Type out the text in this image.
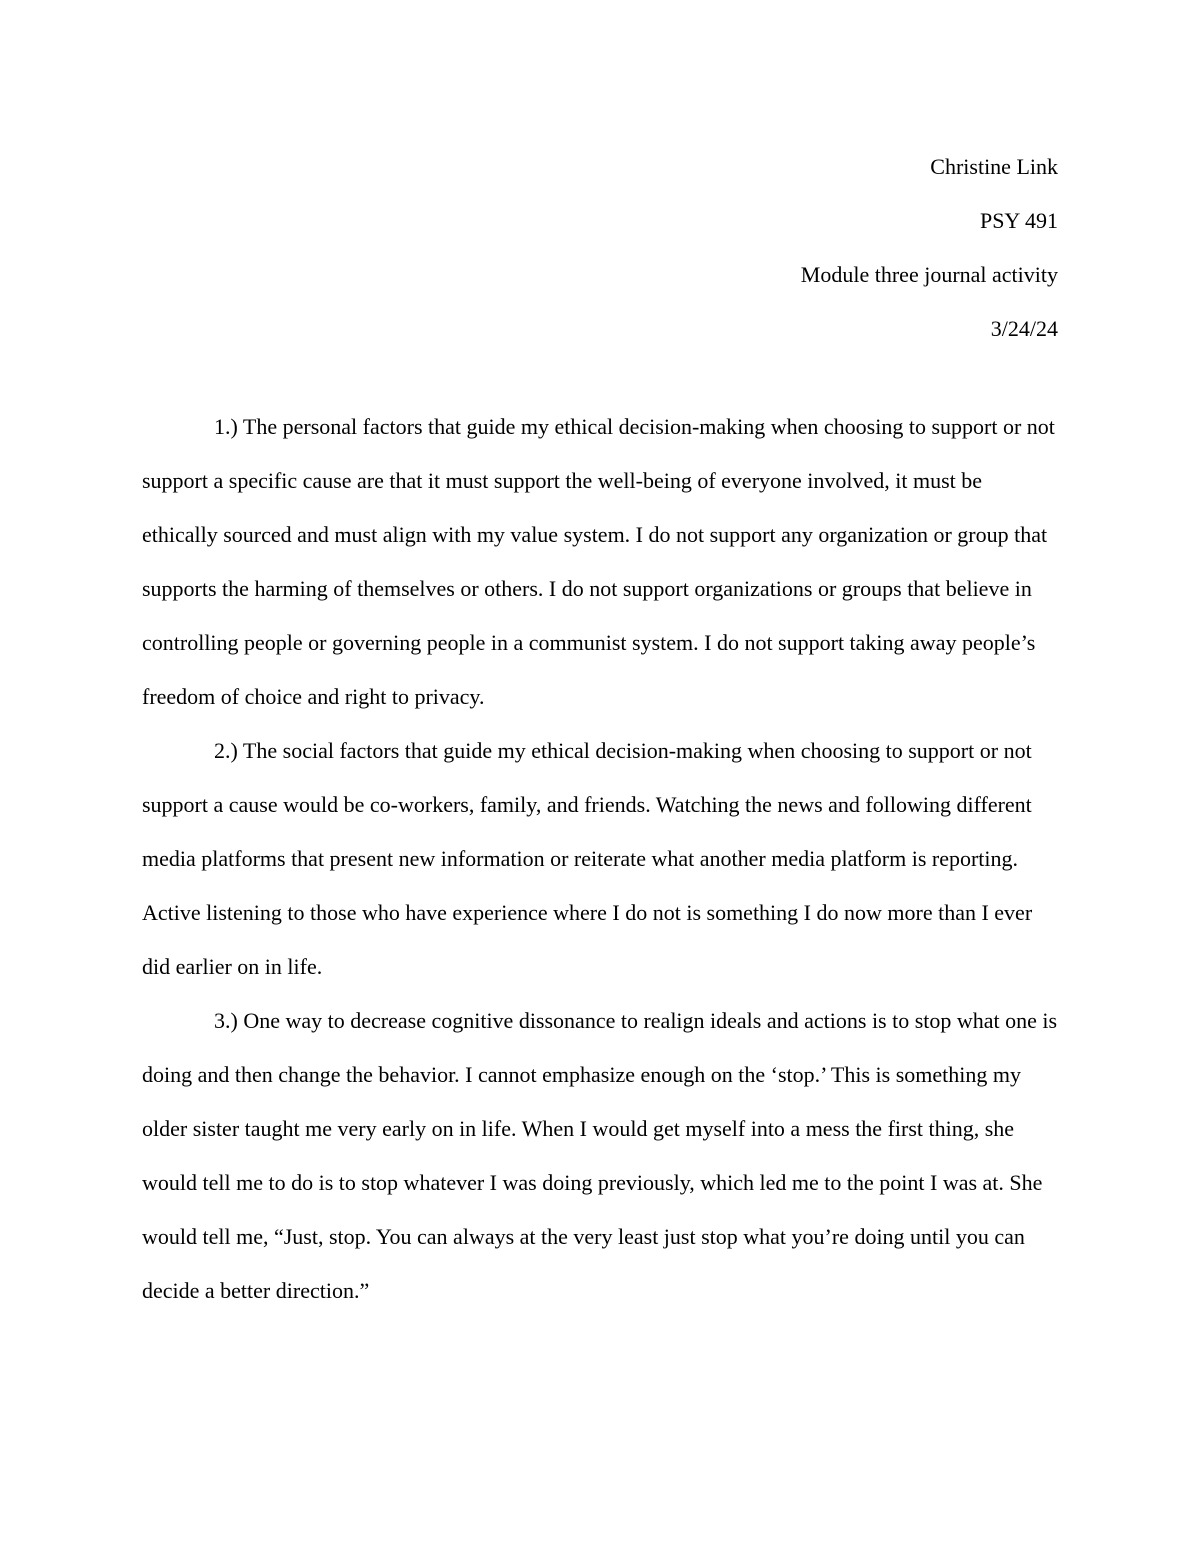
Christine Link
PSY 491
Module three journal activity
3/24/24

1.) The personal factors that guide my ethical decision-making when choosing to support or not support a specific cause are that it must support the well-being of everyone involved, it must be ethically sourced and must align with my value system. I do not support any organization or group that supports the harming of themselves or others. I do not support organizations or groups that believe in controlling people or governing people in a communist system. I do not support taking away people’s freedom of choice and right to privacy.

2.) The social factors that guide my ethical decision-making when choosing to support or not support a cause would be co-workers, family, and friends. Watching the news and following different media platforms that present new information or reiterate what another media platform is reporting. Active listening to those who have experience where I do not is something I do now more than I ever did earlier on in life.

3.) One way to decrease cognitive dissonance to realign ideals and actions is to stop what one is doing and then change the behavior. I cannot emphasize enough on the ‘stop.’ This is something my older sister taught me very early on in life. When I would get myself into a mess the first thing, she would tell me to do is to stop whatever I was doing previously, which led me to the point I was at. She would tell me, “Just, stop. You can always at the very least just stop what you’re doing until you can decide a better direction.”
